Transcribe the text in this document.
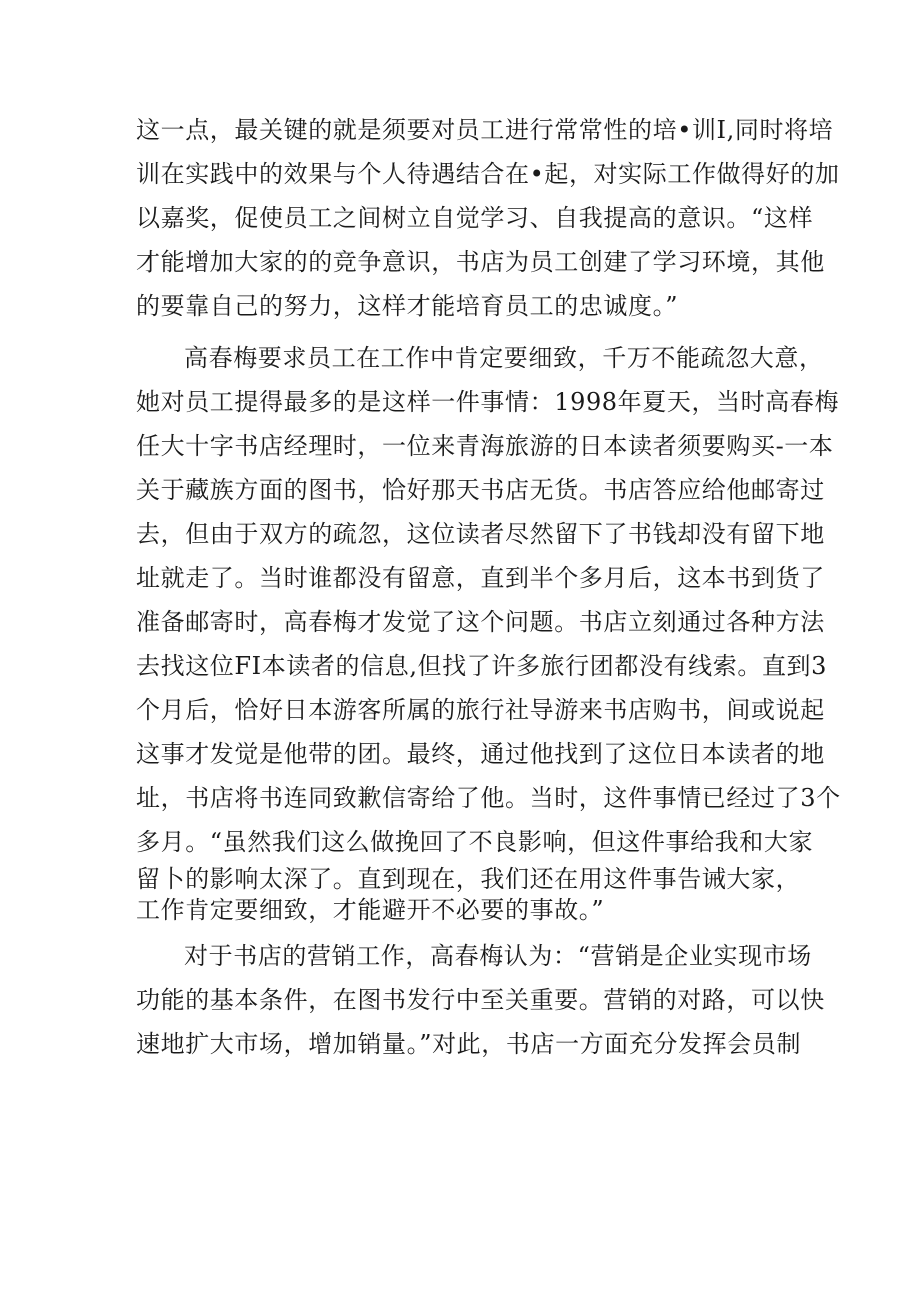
这一点，最关键的就是须要对员工进行常常性的培•训I,同时将培
训在实践中的效果与个人待遇结合在•起，对实际工作做得好的加
以嘉奖，促使员工之间树立自觉学习、自我提高的意识。“这样
才能增加大家的的竞争意识，书店为员工创建了学习环境，其他
的要靠自己的努力，这样才能培育员工的忠诚度。”
高春梅要求员工在工作中肯定要细致，千万不能疏忽大意，
她对员工提得最多的是这样一件事情：1998年夏天，当时高春梅
任大十字书店经理时，一位来青海旅游的日本读者须要购买-一本
关于藏族方面的图书，恰好那天书店无货。书店答应给他邮寄过
去，但由于双方的疏忽，这位读者尽然留下了书钱却没有留下地
址就走了。当时谁都没有留意，直到半个多月后，这本书到货了
准备邮寄时，高春梅才发觉了这个问题。书店立刻通过各种方法
去找这位FI本读者的信息,但找了许多旅行团都没有线索。直到3
个月后，恰好日本游客所属的旅行社导游来书店购书，间或说起
这事才发觉是他带的团。最终，通过他找到了这位日本读者的地
址，书店将书连同致歉信寄给了他。当时，这件事情已经过了3个
多月。“虽然我们这么做挽回了不良影响，但这件事给我和大家
留卜的影响太深了。直到现在，我们还在用这件事告诫大家，
工作肯定要细致，才能避开不必要的事故。”
对于书店的营销工作，高春梅认为：“营销是企业实现市场
功能的基本条件，在图书发行中至关重要。营销的对路，可以快
速地扩大市场，增加销量。”对此，书店一方面充分发挥会员制
